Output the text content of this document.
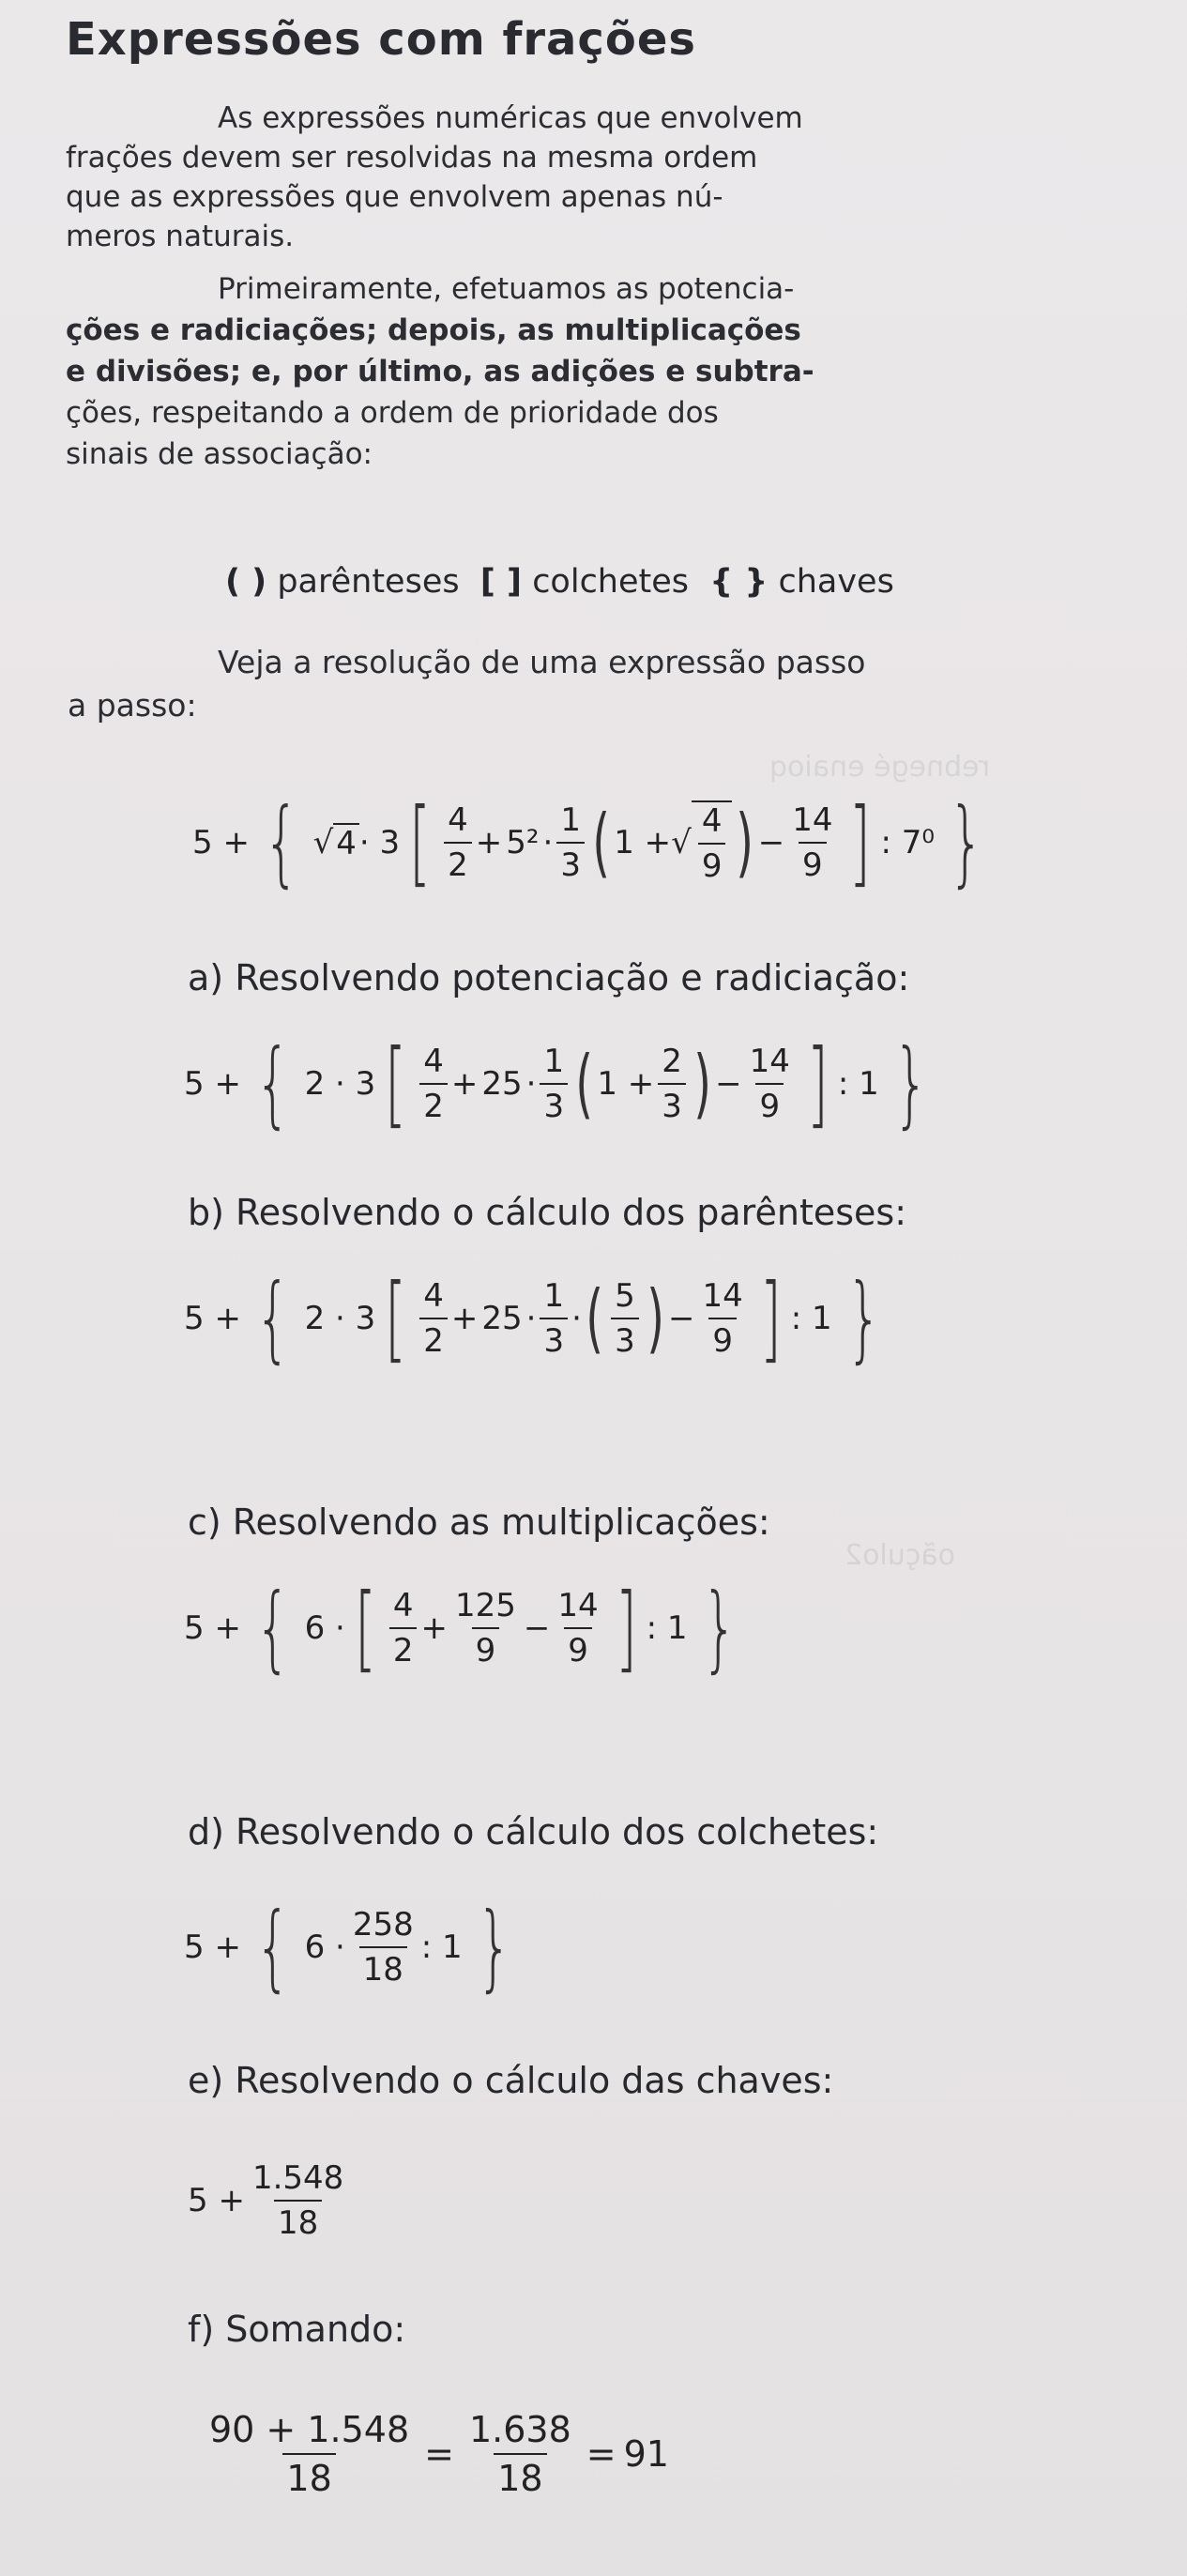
rebnegé enaioq
oãçulo2
Expressões com frações
As expressões numéricas que envolvem
frações devem ser resolvidas na mesma ordem
que as expressões que envolvem apenas nú-
meros naturais.
Primeiramente, efetuamos as potencia-
ções e radiciações; depois, as multiplicações
e divisões; e, por último, as adições e subtra-
ções, respeitando a ordem de prioridade dos
sinais de associação:
( ) parênteses [ ] colchetes { } chaves
Veja a resolução de uma expressão passo
a passo:
5 + { √ 4 · 3 [ $\frac{4}{2} + 5^2 \cdot \frac{1}{3}$ ( 1 + √ $\frac{4}{9}$ ) − $\frac{14}{9}$ ] : 7⁰ }
a) Resolvendo potenciação e radiciação:
5 + { 2 · 3 [ $\frac{4}{2} + 25 \cdot \frac{1}{3}$ ( $1 + \frac{2}{3}$ ) − $\frac{14}{9}$ ] : 1 }
b) Resolvendo o cálculo dos parênteses:
5 + { 2 · 3 [ $\frac{4}{2} + 25 \cdot \frac{1}{3}$ · ( $\frac{5}{3}$ ) − $\frac{14}{9}$ ] : 1 }
c) Resolvendo as multiplicações:
5 + { 6 · [ $\frac{4}{2} + \frac{125}{9} - \frac{14}{9}$ ] : 1 }
d) Resolvendo o cálculo dos colchetes:
5 + { $6 \cdot \frac{258}{18}$ : 1 }
e) Resolvendo o cálculo das chaves:
$5 + \frac{1.548}{18}$
f) Somando:
$\frac{90 + 1.548}{18} = \frac{1.638}{18} = 91$
